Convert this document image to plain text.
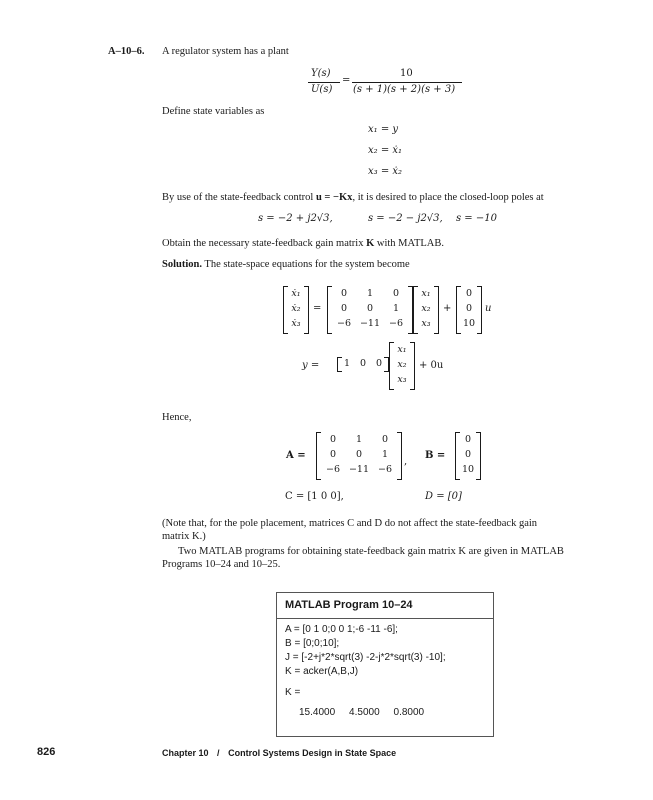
A–10–6. A regulator system has a plant
Y(s)
U(s)
=
10
(s + 1)(s + 2)(s + 3)
Define state variables as
x₁ = y
x₂ = ẋ₁
x₃ = ẋ₂
By use of the state-feedback control u = −Kx, it is desired to place the closed-loop poles at
s = −2 + j2√3,	s = −2 − j2√3, s = −10
Obtain the necessary state-feedback gain matrix K with MATLAB.
Solution. The state-space equations for the system become
ẋ₁
ẋ₂
ẋ₃
=
0	1	0
0	0	1
−6 −11 −6
x₁
x₂
x₃
+
0
0
10
u
y =	1	0	0
x₁
x₂
x₃
+ 0u
Hence,
A =
0	1	0
0	0	1
−6 −11 −6
,
B =
0
0
10
C = [1 0 0],	D = [0]
(Note that, for the pole placement, matrices C and D do not affect the state-feedback gain
matrix K.)
Two MATLAB programs for obtaining state-feedback gain matrix K are given in MATLAB
Programs 10–24 and 10–25.
MATLAB Program 10–24
A = [0 1 0;0 0 1;-6 -11 -6];
B = [0;0;10];
J = [-2+j*2*sqrt(3) -2-j*2*sqrt(3) -10];
K = acker(A,B,J)
K =
15.4000     4.5000     0.8000
826	Chapter 10 / Control Systems Design in State Space
